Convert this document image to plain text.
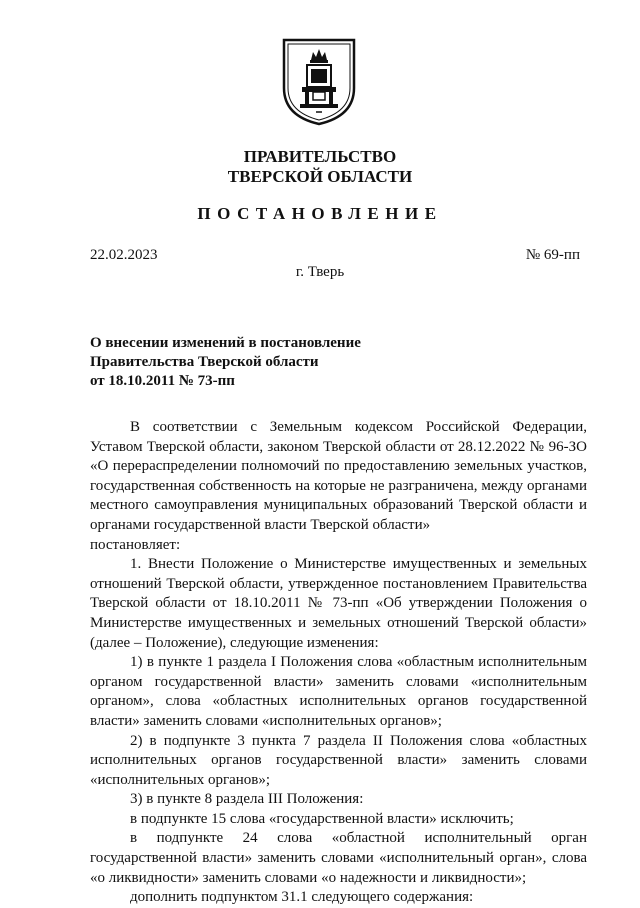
ПРАВИТЕЛЬСТВО
ТВЕРСКОЙ ОБЛАСТИ
ПОСТАНОВЛЕНИЕ
22.02.2023	№ 69-пп
г. Тверь
О внесении изменений в постановление
Правительства Тверской области
от 18.10.2011 № 73-пп

В соответствии с Земельным кодексом Российской Федерации, Уставом Тверской области, законом Тверской области от 28.12.2022 № 96-ЗО «О перераспределении полномочий по предоставлению земельных участков, государственная собственность на которые не разграничена, между органами местного самоуправления муниципальных образований Тверской области и органами государственной власти Тверской области»

постановляет:

1. Внести Положение о Министерстве имущественных и земельных отношений Тверской области, утвержденное постановлением Правительства Тверской области от 18.10.2011 № 73-пп «Об утверждении Положения о Министерстве имущественных и земельных отношений Тверской области» (далее – Положение), следующие изменения:

1) в пункте 1 раздела I Положения слова «областным исполнительным органом государственной власти» заменить словами «исполнительным органом», слова «областных исполнительных органов государственной власти» заменить словами «исполнительных органов»;

2) в подпункте 3 пункта 7 раздела II Положения слова «областных исполнительных органов государственной власти» заменить словами «исполнительных органов»;

3) в пункте 8 раздела III Положения:

в подпункте 15 слова «государственной власти» исключить;

в подпункте 24 слова «областной исполнительный орган государственной власти» заменить словами «исполнительный орган», слова «о ликвидности» заменить словами «о надежности и ликвидности»;

дополнить подпунктом 31.1 следующего содержания:
